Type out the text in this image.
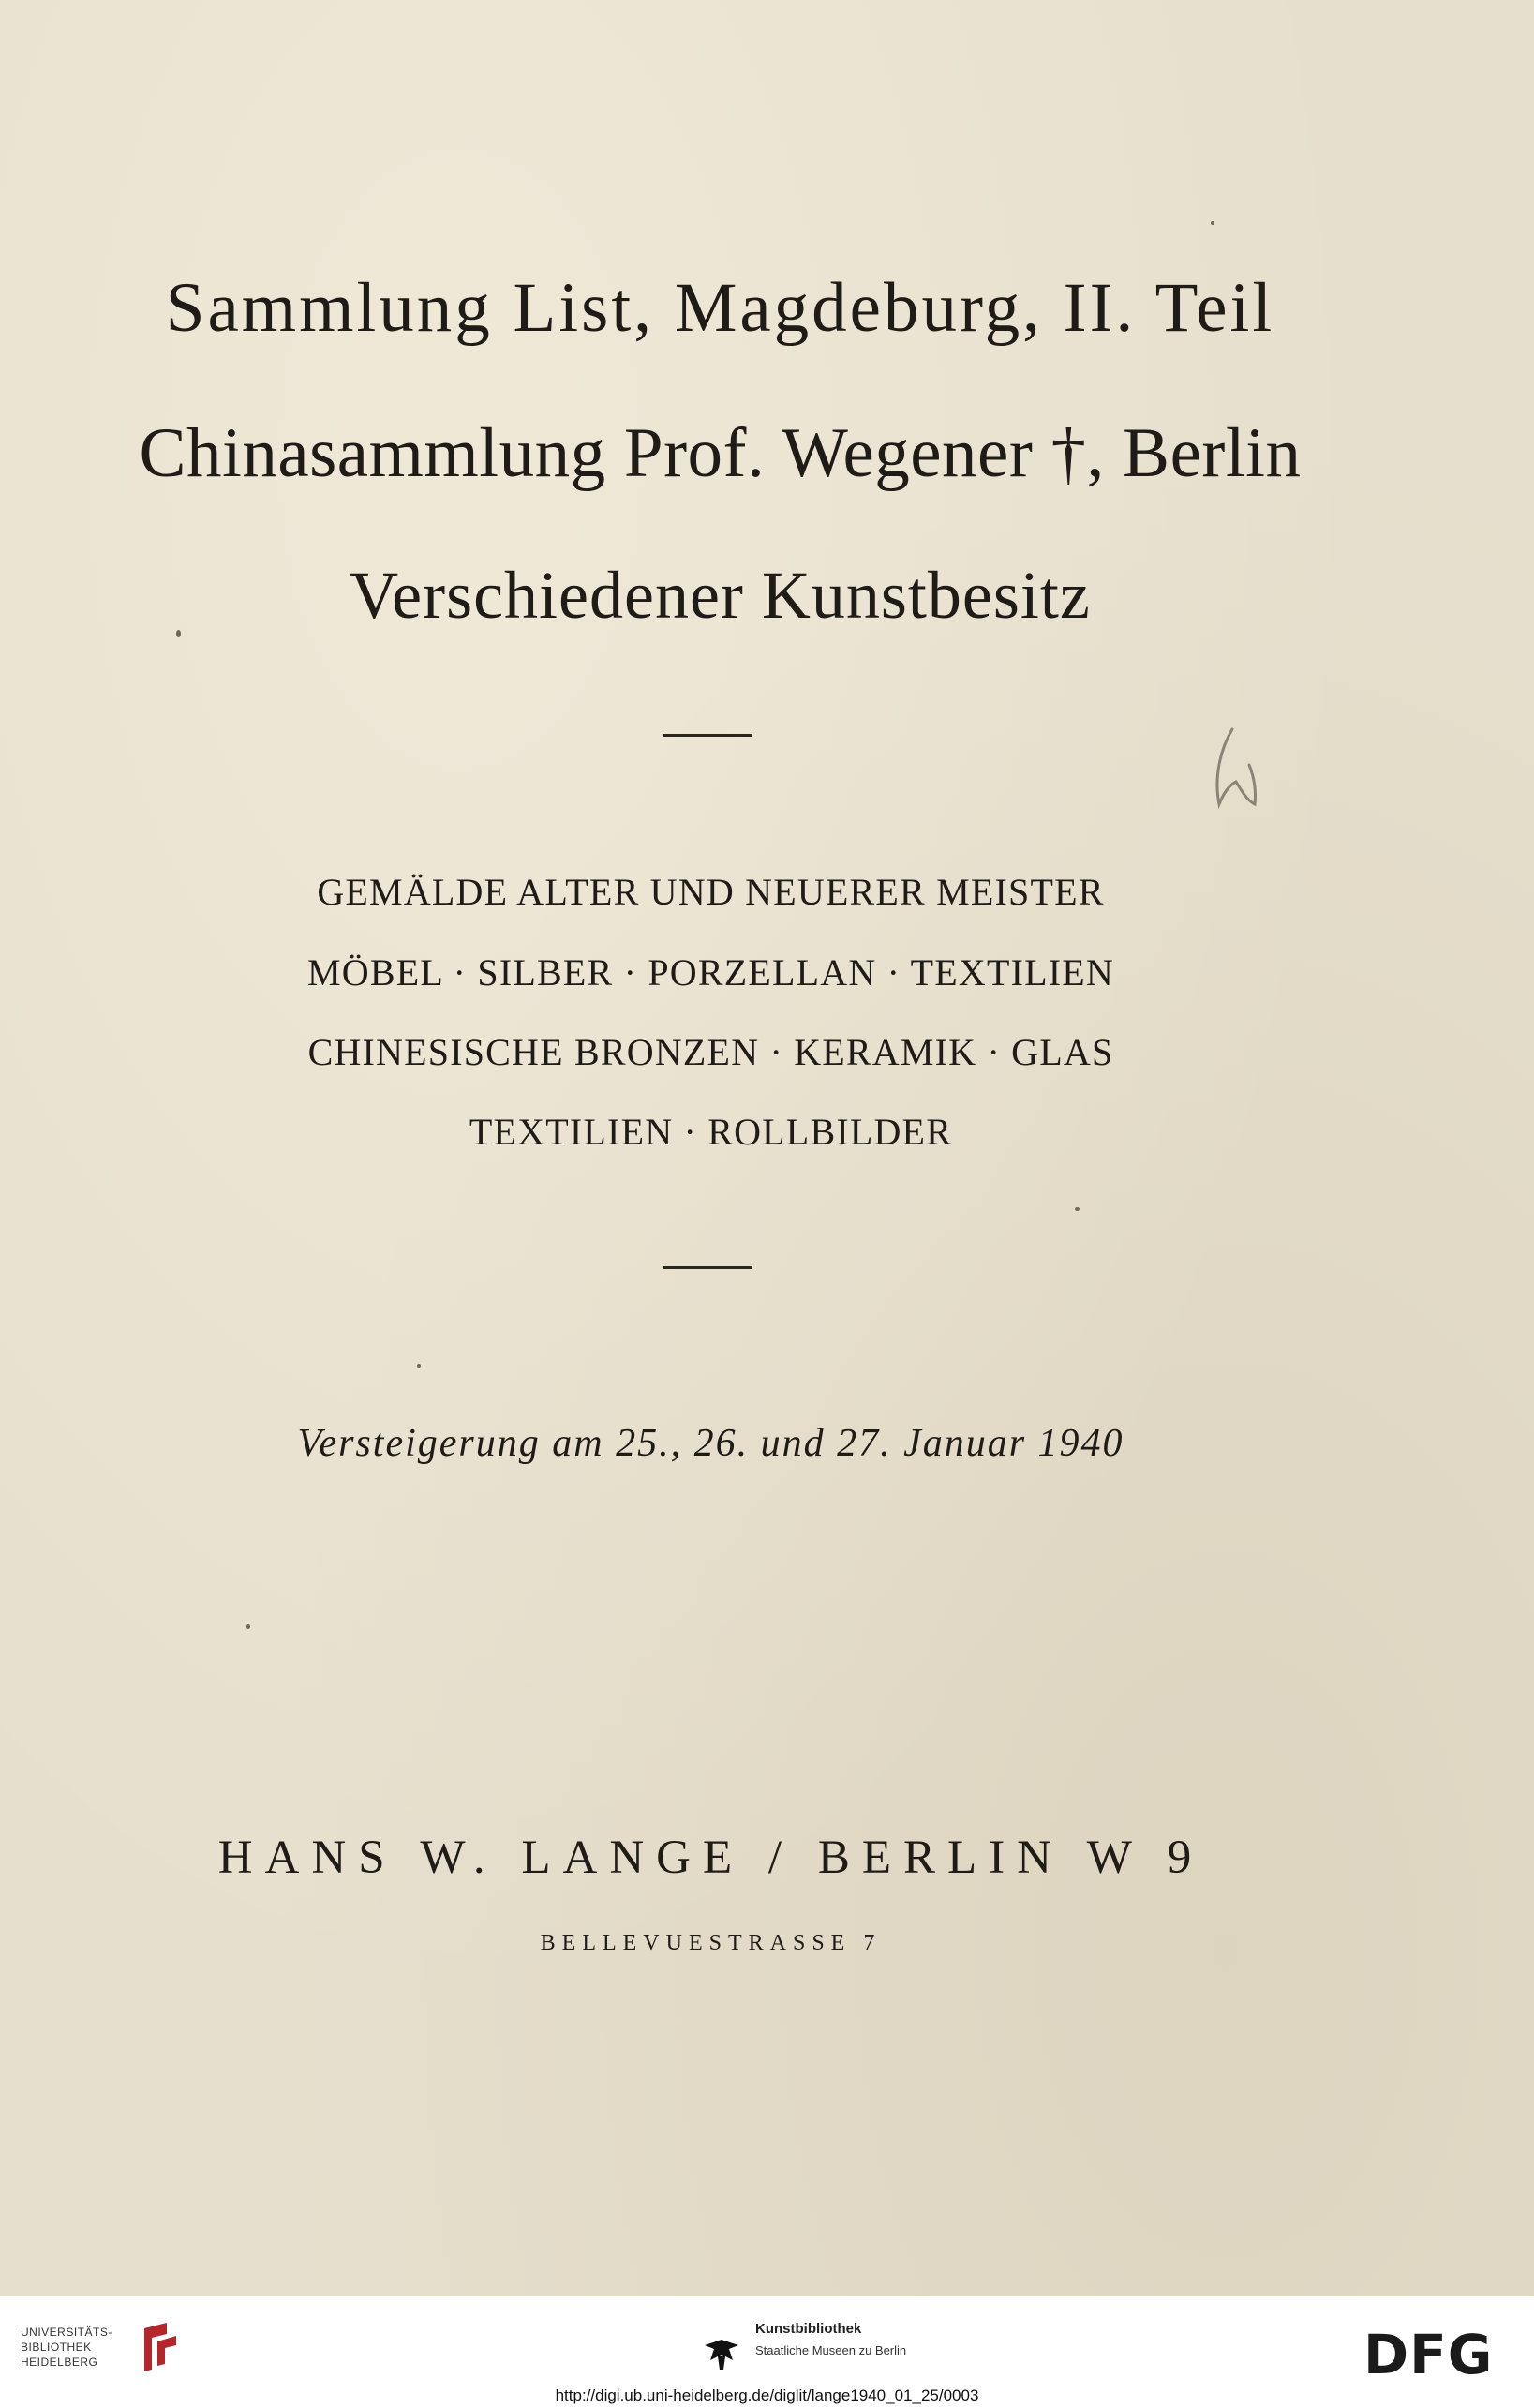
Sammlung List, Magdeburg, II. Teil
Chinasammlung Prof. Wegener †, Berlin
Verschiedener Kunstbesitz
GEMÄLDE ALTER UND NEUERER MEISTER
MÖBEL · SILBER · PORZELLAN · TEXTILIEN
CHINESISCHE BRONZEN · KERAMIK · GLAS
TEXTILIEN · ROLLBILDER
Versteigerung am 25., 26. und 27. Januar 1940
HANS W. LANGE / BERLIN W 9
BELLEVUESTRASSE 7
UNIVERSITÄTS-
BIBLIOTHEK
HEIDELBERG
Kunstbibliothek
Staatliche Museen zu Berlin	DFG
http://digi.ub.uni-heidelberg.de/diglit/lange1940_01_25/0003
